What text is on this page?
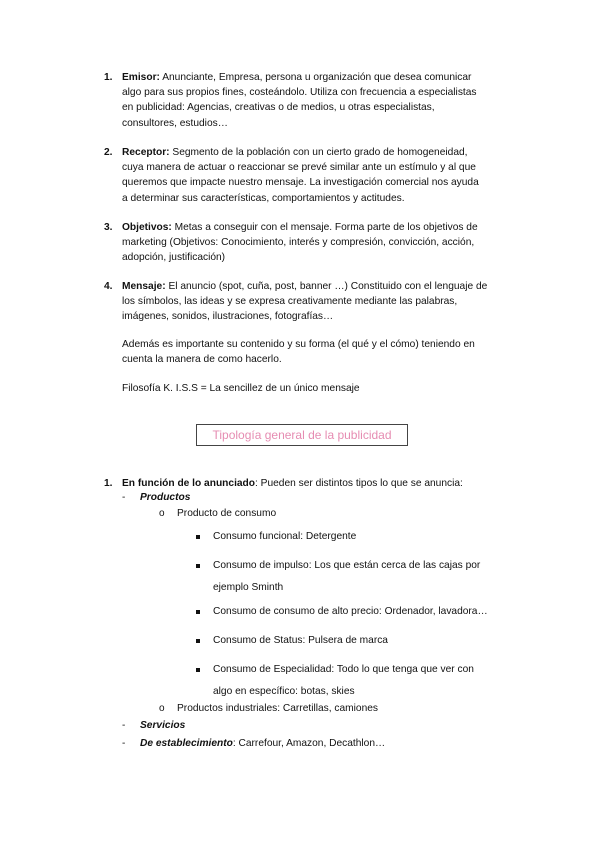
1. Emisor: Anunciante, Empresa, persona u organización que desea comunicar
algo para sus propios fines, costeándolo. Utiliza con frecuencia a especialistas
en publicidad: Agencias, creativas o de medios, u otras especialistas,
consultores, estudios…
2. Receptor: Segmento de la población con un cierto grado de homogeneidad,
cuya manera de actuar o reaccionar se prevé similar ante un estímulo y al que
queremos que impacte nuestro mensaje. La investigación comercial nos ayuda
a determinar sus características, comportamientos y actitudes.
3. Objetivos: Metas a conseguir con el mensaje. Forma parte de los objetivos de
marketing (Objetivos: Conocimiento, interés y compresión, convicción, acción,
adopción, justificación)
4. Mensaje: El anuncio (spot, cuña, post, banner …) Constituido con el lenguaje de
los símbolos, las ideas y se expresa creativamente mediante las palabras,
imágenes, sonidos, ilustraciones, fotografías…
Además es importante su contenido y su forma (el qué y el cómo) teniendo en
cuenta la manera de como hacerlo.
Filosofía K. I.S.S = La sencillez de un único mensaje
Tipología general de la publicidad
1. En función de lo anunciado: Pueden ser distintos tipos lo que se anuncia:
- Productos
o Producto de consumo
Consumo funcional: Detergente
Consumo de impulso: Los que están cerca de las cajas por
ejemplo Sminth
Consumo de consumo de alto precio: Ordenador, lavadora…
Consumo de Status: Pulsera de marca
Consumo de Especialidad: Todo lo que tenga que ver con
algo en específico: botas, skies
o Productos industriales: Carretillas, camiones
- Servicios
- De establecimiento: Carrefour, Amazon, Decathlon…
